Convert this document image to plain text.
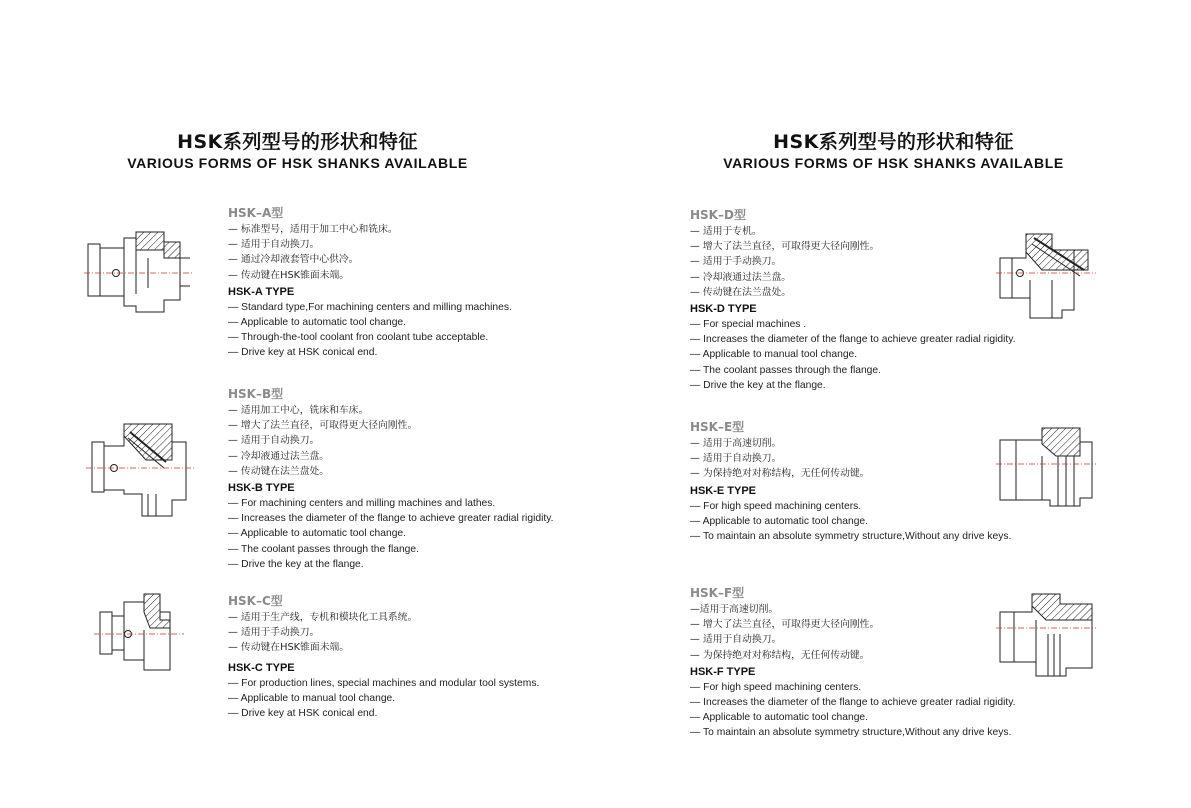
HSK系列型号的形状和特征
VARIOUS FORMS OF HSK SHANKS AVAILABLE
HSK–A型
— 标准型号，适用于加工中心和铣床。
— 适用于自动换刀。
— 通过冷却液套管中心供冷。
— 传动键在HSK锥面未端。
HSK-A TYPE
— Standard type,For machining centers and milling machines.
— Applicable to automatic tool change.
— Through-the-tool coolant fron coolant tube acceptable.
— Drive key at HSK conical end.
HSK–B型
— 适用加工中心，铣床和车床。
— 增大了法兰直径，可取得更大径向刚性。
— 适用于自动换刀。
— 冷却液通过法兰盘。
— 传动键在法兰盘处。
HSK-B TYPE
— For machining centers and milling machines and lathes.
— Increases the diameter of the flange to achieve greater radial rigidity.
— Applicable to automatic tool change.
— The coolant passes through the flange.
— Drive the key at the flange.
HSK–C型
— 适用于生产线，专机和模块化工具系统。
— 适用于手动换刀。
— 传动键在HSK锥面未端。
HSK-C TYPE
— For production lines, special machines and modular tool systems.
— Applicable to manual tool change.
— Drive key at HSK conical end.
HSK系列型号的形状和特征
VARIOUS FORMS OF HSK SHANKS AVAILABLE
HSK–D型
— 适用于专机。
— 增大了法兰直径，可取得更大径向刚性。
— 适用于手动换刀。
— 冷却液通过法兰盘。
— 传动键在法兰盘处。
HSK-D TYPE
— For special machines .
— Increases the diameter of the flange to achieve greater radial rigidity.
— Applicable to manual tool change.
— The coolant passes through the flange.
— Drive the key at the flange.
HSK–E型
— 适用于高速切削。
— 适用于自动换刀。
— 为保持绝对对称结构，无任何传动键。
HSK-E TYPE
— For high speed machining centers.
— Applicable to automatic tool change.
— To maintain an absolute symmetry structure,Without any drive keys.
HSK–F型
—适用于高速切削。
— 增大了法兰直径，可取得更大径向刚性。
— 适用于自动换刀。
— 为保持绝对对称结构，无任何传动键。
HSK-F TYPE
— For high speed machining centers.
— Increases the diameter of the flange to achieve greater radial rigidity.
— Applicable to automatic tool change.
— To maintain an absolute symmetry structure,Without any drive keys.
